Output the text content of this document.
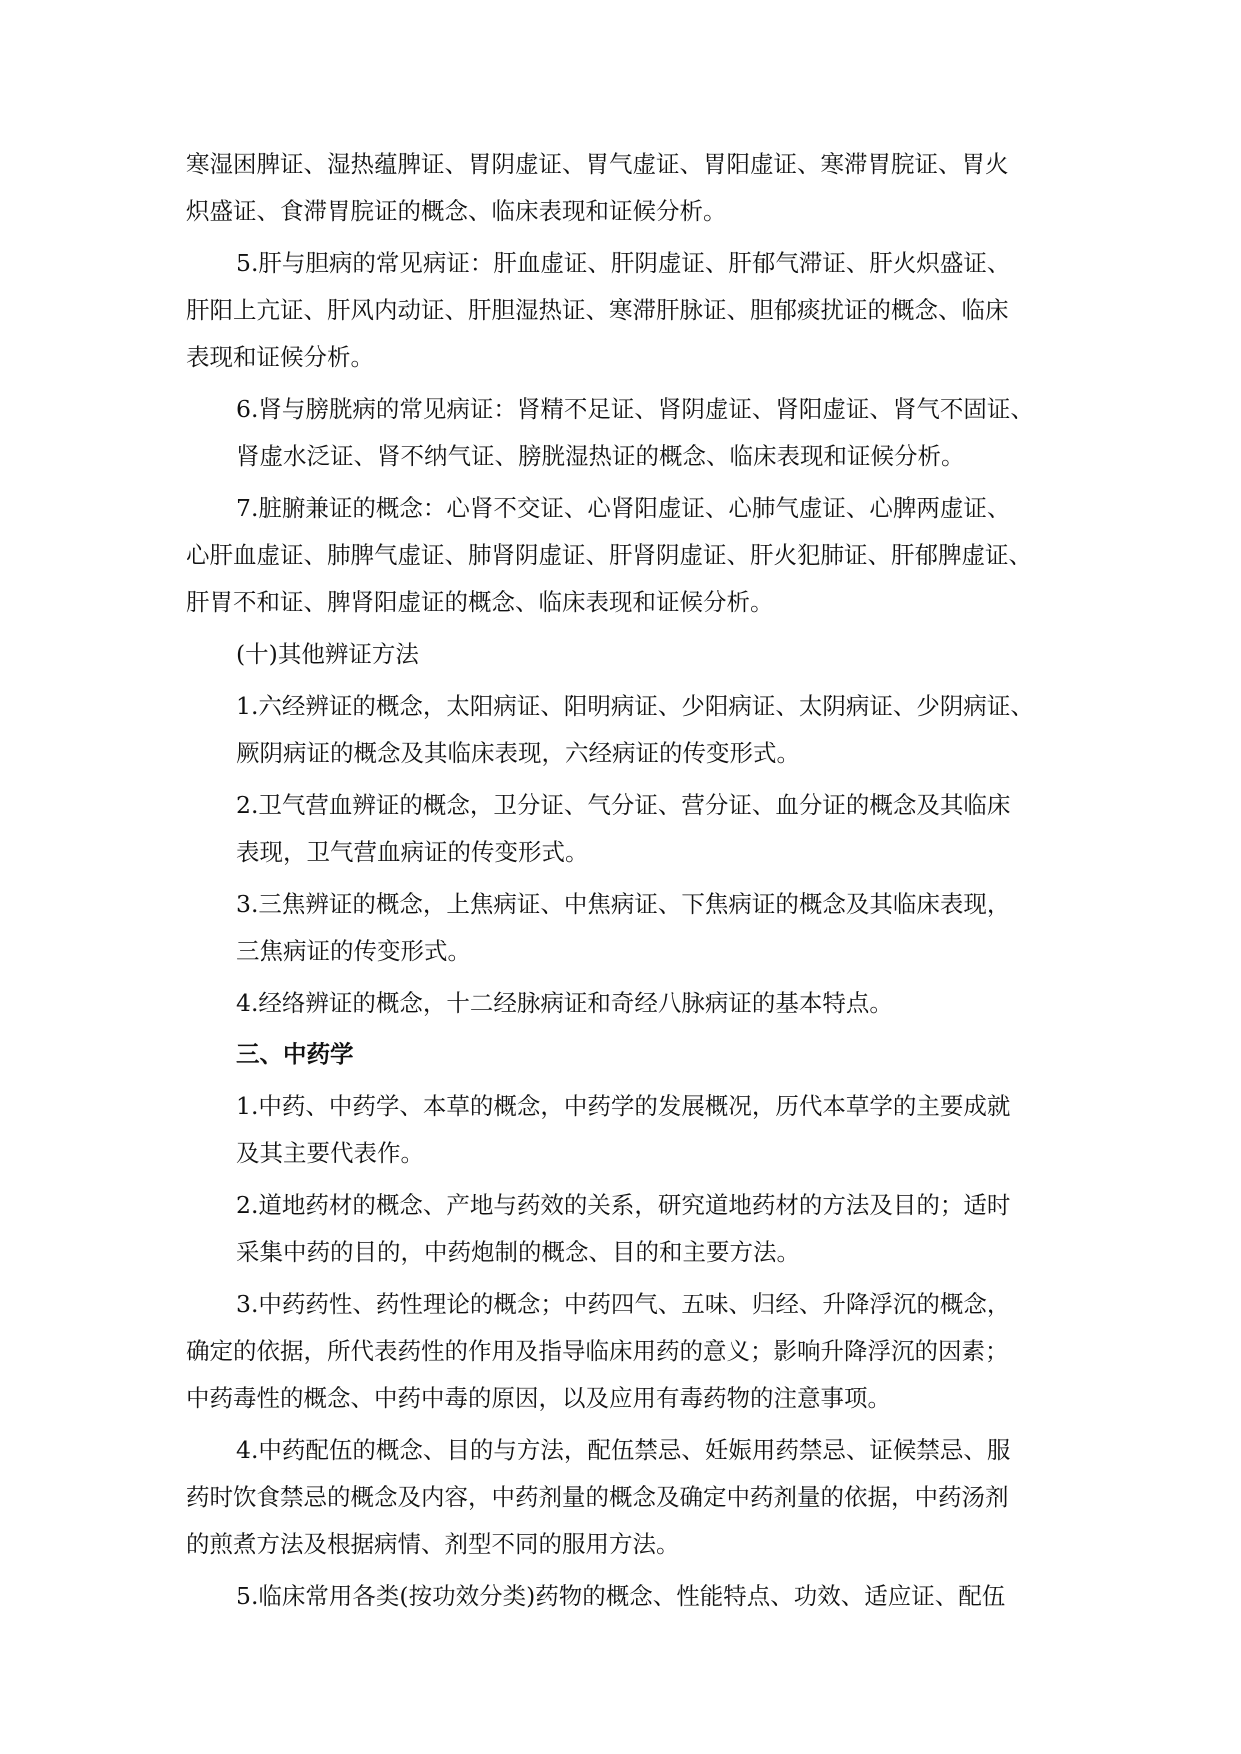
寒湿困脾证、湿热蕴脾证、胃阴虚证、胃气虚证、胃阳虚证、寒滞胃脘证、胃火
炽盛证、食滞胃脘证的概念、临床表现和证候分析。
5.肝与胆病的常见病证：肝血虚证、肝阴虚证、肝郁气滞证、肝火炽盛证、
肝阳上亢证、肝风内动证、肝胆湿热证、寒滞肝脉证、胆郁痰扰证的概念、临床
表现和证候分析。
6.肾与膀胱病的常见病证：肾精不足证、肾阴虚证、肾阳虚证、肾气不固证、
肾虚水泛证、肾不纳气证、膀胱湿热证的概念、临床表现和证候分析。
7.脏腑兼证的概念：心肾不交证、心肾阳虚证、心肺气虚证、心脾两虚证、
心肝血虚证、肺脾气虚证、肺肾阴虚证、肝肾阴虚证、肝火犯肺证、肝郁脾虚证、
肝胃不和证、脾肾阳虚证的概念、临床表现和证候分析。
(十)其他辨证方法
1.六经辨证的概念，太阳病证、阳明病证、少阳病证、太阴病证、少阴病证、
厥阴病证的概念及其临床表现，六经病证的传变形式。
2.卫气营血辨证的概念，卫分证、气分证、营分证、血分证的概念及其临床
表现，卫气营血病证的传变形式。
3.三焦辨证的概念，上焦病证、中焦病证、下焦病证的概念及其临床表现，
三焦病证的传变形式。
4.经络辨证的概念，十二经脉病证和奇经八脉病证的基本特点。
三、中药学
1.中药、中药学、本草的概念，中药学的发展概况，历代本草学的主要成就
及其主要代表作。
2.道地药材的概念、产地与药效的关系，研究道地药材的方法及目的；适时
采集中药的目的，中药炮制的概念、目的和主要方法。
3.中药药性、药性理论的概念；中药四气、五味、归经、升降浮沉的概念，
确定的依据，所代表药性的作用及指导临床用药的意义；影响升降浮沉的因素；
中药毒性的概念、中药中毒的原因，以及应用有毒药物的注意事项。
4.中药配伍的概念、目的与方法，配伍禁忌、妊娠用药禁忌、证候禁忌、服
药时饮食禁忌的概念及内容，中药剂量的概念及确定中药剂量的依据，中药汤剂
的煎煮方法及根据病情、剂型不同的服用方法。
5.临床常用各类(按功效分类)药物的概念、性能特点、功效、适应证、配伍
